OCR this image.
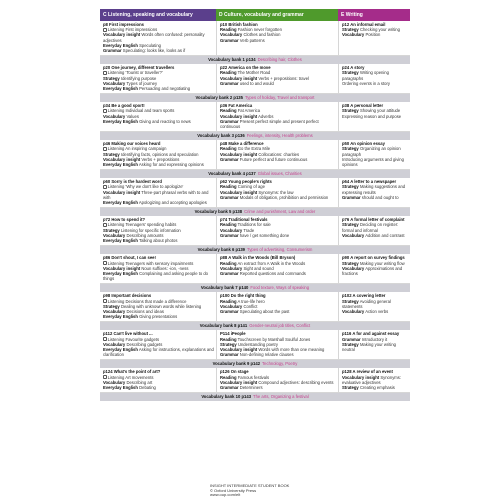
C Listening, speaking and vocabulary	D Culture, vocabulary and grammar	E Writing
p8 First impressions
Listening First impressions
Vocabulary insight Words often confused: personality adjectives
Everyday English Speculating
Grammar Speculating: looks like, looks as if
p10 British fashion
Reading Fashion never forgotten
Vocabulary Clothes and fashion
Grammar Verb patterns
p12 An informal email
Strategy Checking your writing
Vocabulary Position
Vocabulary bank 1 p134 Describing hair, Clothes
p20 One journey, different travellers
Listening 'Tourist or traveller?'
Strategy Identifying purpose
Vocabulary Types of journey
Everyday English Persuading and negotiating
p22 America on the move
Reading The Mother Road
Vocabulary insight Verbs + prepositions: travel
Grammar used to and would
p24 A story
Strategy Writing opening paragraphs
Ordering events in a story
Vocabulary bank 2 p135 Types of holiday, Travel and transport
p34 Be a good sport!
Listening Individual and team sports
Vocabulary Values
Everyday English Giving and reacting to news
p36 Fat America
Reading Fat America
Vocabulary insight Adverbs
Grammar Present perfect simple and present perfect continuous
p38 A personal letter
Strategy Showing your attitude
Expressing reason and purpose
Vocabulary bank 3 p136 Feelings, intensity, Health problems
p46 Making our voices heard
Listening An inspiring campaign
Strategy Identifying facts, opinions and speculation
Vocabulary insight Verbs + prepositions
Everyday English Asking for and expressing opinions
p48 Make a difference
Reading Go the Extra Mile
Vocabulary insight Collocations: charities
Grammar Future perfect and future continuous
p50 An opinion essay
Strategy Organizing an opinion paragraph
Introducing arguments and giving opinions
Vocabulary bank 4 p137 Global issues, Charities
p60 Sorry is the hardest word
Listening 'Why we don't like to apologize'
Vocabulary insight Three-part phrasal verbs with to and with
Everyday English Apologizing and accepting apologies
p62 Young people's rights
Reading Coming of age
Vocabulary insight Synonyms: the law
Grammar Modals of obligation, prohibition and permission
p64 A letter to a newspaper
Strategy Making suggestions and expressing results
Grammar should and ought to
Vocabulary bank 5 p138 Crime and punishment, Law and order
p72 How to spend it?
Listening Teenagers' spending habits
Strategy Listening for specific information
Vocabulary Describing amounts
Everyday English Talking about photos
p74 Traditional festivals
Reading Traditions for sale
Vocabulary Trade
Grammar have / get something done
p76 A formal letter of complaint
Strategy Deciding on register: formal and informal
Vocabulary Addition and contrast
Vocabulary bank 6 p139 Types of advertising, Consumerism
p86 Don't shout, I can see!
Listening Teenagers with sensory impairments
Vocabulary insight Noun suffixes: -ion, -ness
Everyday English Complaining and asking people to do things
p88 A Walk in the Woods (Bill Bryson)
Reading An extract from A Walk in the Woods
Vocabulary Sight and sound
Grammar Reported questions and commands
p90 A report on survey findings
Strategy Making your writing flow
Vocabulary Approximations and fractions
Vocabulary bank 7 p140 Food texture, Ways of speaking
p98 Important decisions
Listening Decisions that made a difference
Strategy Dealing with unknown words while listening
Vocabulary Decisions and ideas
Everyday English Giving presentations
p100 Do the right thing
Reading A true-life hero
Vocabulary Conflict
Grammar Speculating about the past
p102 A covering letter
Strategy Avoiding general statements
Vocabulary Action verbs
Vocabulary bank 8 p141 Gender-neutral job titles, Conflict
p112 Can't live without ...
Listening Favourite gadgets
Vocabulary Describing gadgets
Everyday English Asking for instructions, explanations and clarification
P114 iPeople
Reading Touchscreen by Marshall Soulful Jones
Strategy Understanding poetry
Vocabulary insight Words with more than one meaning
Grammar Non-defining relative clauses
p116 A for and against essay
Grammar Introductory it
Strategy Making your writing neutral
Vocabulary bank 9 p142 Technology, Poetry
p124 What's the point of art?
Listening Art movements
Vocabulary Describing art
Everyday English Debating
p126 On stage
Reading Famous festivals
Vocabulary insight Compound adjectives: describing events
Grammar Determiners
p128 A review of an event
Vocabulary insight Synonyms: evaluative adjectives
Strategy Creating emphasis
Vocabulary bank 10 p143 The arts, Organizing a festival
INSIGHT INTERMEDIATE STUDENT BOOK
© Oxford University Press
www.oup.com/elt
